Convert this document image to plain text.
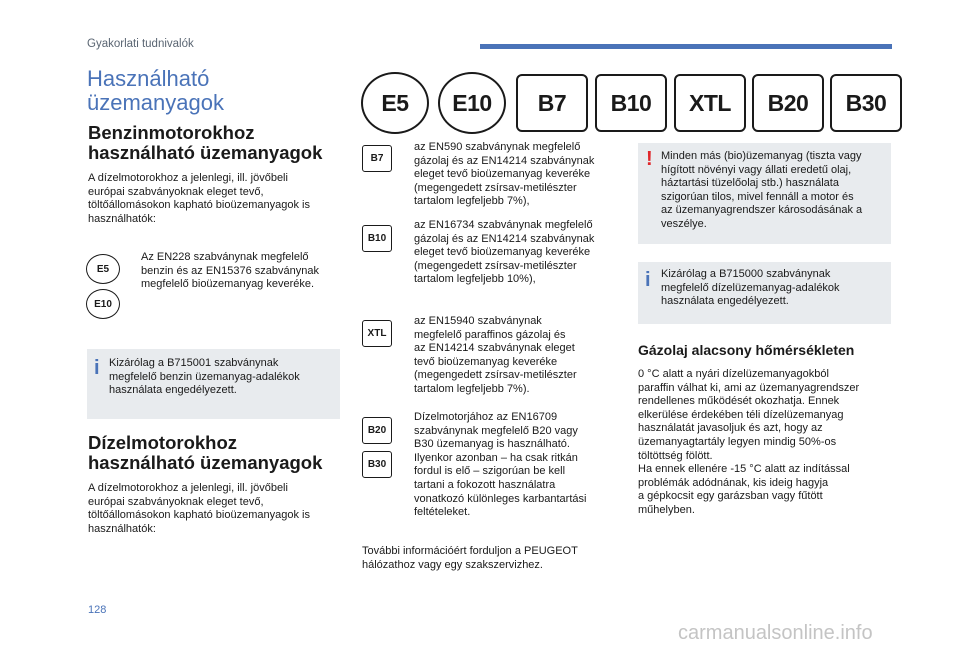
Gyakorlati tudnivalók
Használható
üzemanyagok	E5	E10	B7	B10	XTL	B20	B30
Benzinmotorokhoz
használható üzemanyagok
A dízelmotorokhoz a jelenlegi, ill. jövőbeli
európai szabványoknak eleget tevő,
töltőállomásokon kapható bioüzemanyagok is
használhatók:
E5
E10
Az EN228 szabványnak megfelelő
benzin és az EN15376 szabványnak
megfelelő bioüzemanyag keveréke.
i Kizárólag a B715001 szabványnak
megfelelő benzin üzemanyag-adalékok
használata engedélyezett.
Dízelmotorokhoz
használható üzemanyagok
A dízelmotorokhoz a jelenlegi, ill. jövőbeli
európai szabványoknak eleget tevő,
töltőállomásokon kapható bioüzemanyagok is
használhatók:
B7
az EN590 szabványnak megfelelő
gázolaj és az EN14214 szabványnak
eleget tevő bioüzemanyag keveréke
(megengedett zsírsav-metilészter
tartalom legfeljebb 7%),
B10
az EN16734 szabványnak megfelelő
gázolaj és az EN14214 szabványnak
eleget tevő bioüzemanyag keveréke
(megengedett zsírsav-metilészter
tartalom legfeljebb 10%),
XTL
az EN15940 szabványnak
megfelelő paraffinos gázolaj és
az EN14214 szabványnak eleget
tevő bioüzemanyag keveréke
(megengedett zsírsav-metilészter
tartalom legfeljebb 7%).
B20
B30
Dízelmotorjához az EN16709
szabványnak megfelelő B20 vagy
B30 üzemanyag is használható.
Ilyenkor azonban – ha csak ritkán
fordul is elő – szigorúan be kell
tartani a fokozott használatra
vonatkozó különleges karbantartási
feltételeket.
További információért forduljon a PEUGEOT
hálózathoz vagy egy szakszervizhez.
! Minden más (bio)üzemanyag (tiszta vagy
hígított növényi vagy állati eredetű olaj,
háztartási tüzelőolaj stb.) használata
szigorúan tilos, mivel fennáll a motor és
az üzemanyagrendszer károsodásának a
veszélye.
i Kizárólag a B715000 szabványnak
megfelelő dízelüzemanyag-adalékok
használata engedélyezett.
Gázolaj alacsony hőmérsékleten
0 °C alatt a nyári dízelüzemanyagokból
paraffin válhat ki, ami az üzemanyagrendszer
rendellenes működését okozhatja. Ennek
elkerülése érdekében téli dízelüzemanyag
használatát javasoljuk és azt, hogy az
üzemanyagtartály legyen mindig 50%-os
töltöttség fölött.
Ha ennek ellenére -15 °C alatt az indítással
problémák adódnának, kis ideig hagyja
a gépkocsit egy garázsban vagy fűtött
műhelyben.
128
carmanualsonline.info
